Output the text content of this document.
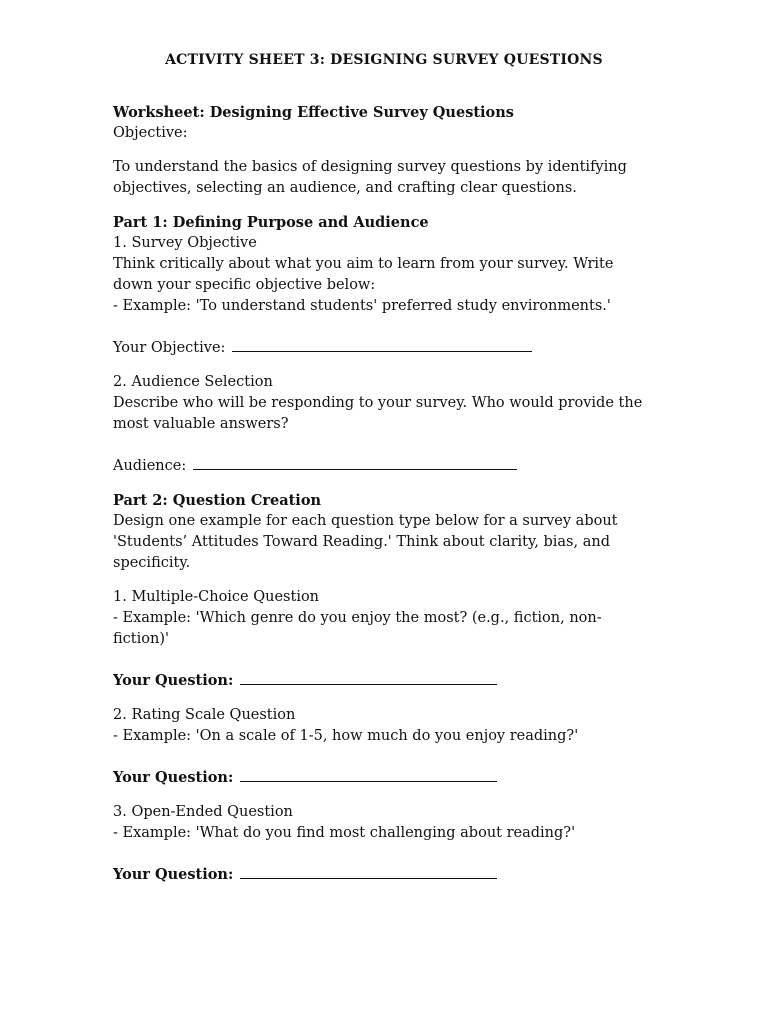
ACTIVITY SHEET 3: DESIGNING SURVEY QUESTIONS
Worksheet: Designing Effective Survey Questions
Objective:
To understand the basics of designing survey questions by identifying
objectives, selecting an audience, and crafting clear questions.
Part 1: Defining Purpose and Audience
1. Survey Objective
Think critically about what you aim to learn from your survey. Write
down your specific objective below:
- Example: 'To understand students' preferred study environments.'
Your Objective:
2. Audience Selection
Describe who will be responding to your survey. Who would provide the
most valuable answers?
Audience:
Part 2: Question Creation
Design one example for each question type below for a survey about
'Students’ Attitudes Toward Reading.' Think about clarity, bias, and
specificity.
1. Multiple-Choice Question
- Example: 'Which genre do you enjoy the most? (e.g., fiction, non-
fiction)'
Your Question:
2. Rating Scale Question
- Example: 'On a scale of 1-5, how much do you enjoy reading?'
Your Question:
3. Open-Ended Question
- Example: 'What do you find most challenging about reading?'
Your Question:
